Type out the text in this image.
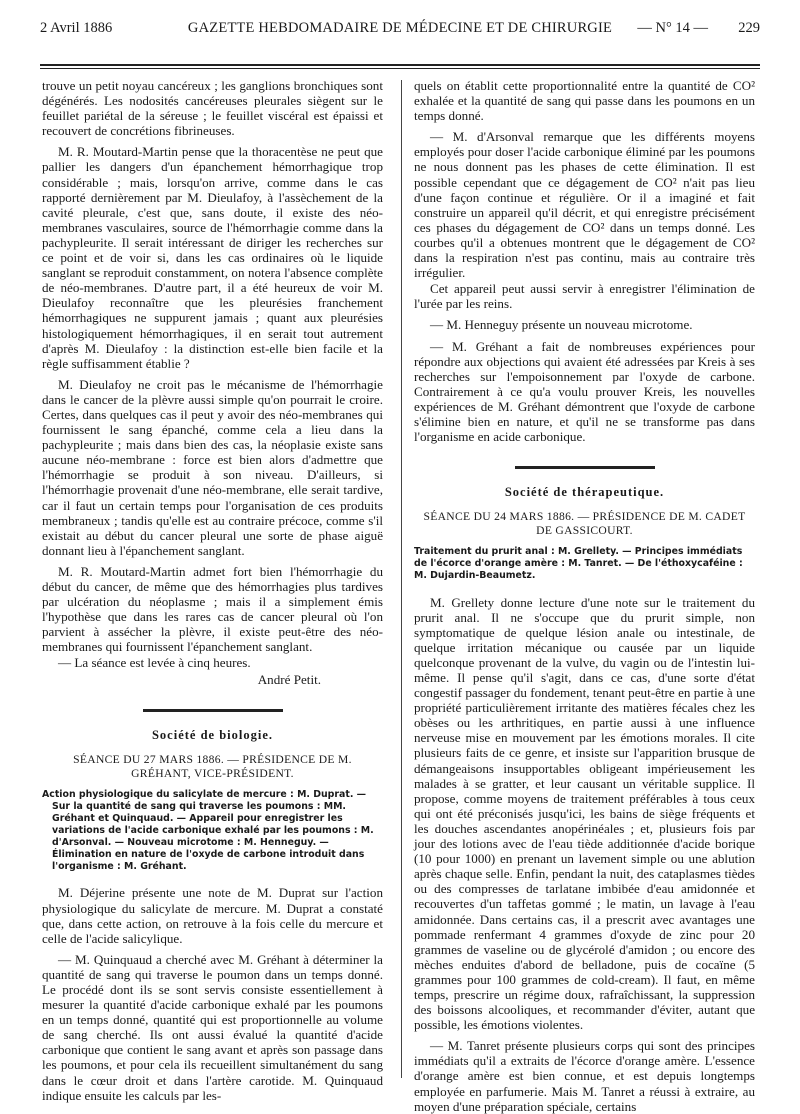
2 Avril 1886	GAZETTE HEBDOMADAIRE DE MÉDECINE ET DE CHIRURGIE	— N° 14 — 229

trouve un petit noyau cancéreux ; les ganglions bronchiques sont dégénérés. Les nodosités cancéreuses pleurales siègent sur le feuillet pariétal de la séreuse ; le feuillet viscéral est épaissi et recouvert de concrétions fibrineuses.

M. R. Moutard-Martin pense que la thoracentèse ne peut que pallier les dangers d'un épanchement hémorrhagique trop considérable ; mais, lorsqu'on arrive, comme dans le cas rapporté dernièrement par M. Dieulafoy, à l'assèchement de la cavité pleurale, c'est que, sans doute, il existe des néo-membranes vasculaires, source de l'hémorrhagie comme dans la pachypleurite. Il serait intéressant de diriger les recherches sur ce point et de voir si, dans les cas ordinaires où le liquide sanglant se reproduit constamment, on notera l'absence complète de néo-membranes. D'autre part, il a été heureux de voir M. Dieulafoy reconnaître que les pleurésies franchement hémorrhagiques ne suppurent jamais ; quant aux pleurésies histologiquement hémorrhagiques, il en serait tout autrement d'après M. Dieulafoy : la distinction est-elle bien facile et la règle suffisamment établie ?

M. Dieulafoy ne croit pas le mécanisme de l'hémorrhagie dans le cancer de la plèvre aussi simple qu'on pourrait le croire. Certes, dans quelques cas il peut y avoir des néo-membranes qui fournissent le sang épanché, comme cela a lieu dans la pachypleurite ; mais dans bien des cas, la néoplasie existe sans aucune néo-membrane : force est bien alors d'admettre que l'hémorrhagie se produit à son niveau. D'ailleurs, si l'hémorrhagie provenait d'une néo-membrane, elle serait tardive, car il faut un certain temps pour l'organisation de ces produits membraneux ; tandis qu'elle est au contraire précoce, comme s'il existait au début du cancer pleural une sorte de phase aiguë donnant lieu à l'épanchement sanglant.

M. R. Moutard-Martin admet fort bien l'hémorrhagie du début du cancer, de même que des hémorrhagies plus tardives par ulcération du néoplasme ; mais il a simplement émis l'hypothèse que dans les rares cas de cancer pleural où l'on parvient à assécher la plèvre, il existe peut-être des néo-membranes qui fournissent l'épanchement sanglant.

— La séance est levée à cinq heures.

André Petit.

Société de biologie.
SÉANCE DU 27 MARS 1886. — PRÉSIDENCE DE M. GRÉHANT, VICE-PRÉSIDENT.
Action physiologique du salicylate de mercure : M. Duprat. — Sur la quantité de sang qui traverse les poumons : MM. Gréhant et Quinquaud. — Appareil pour enregistrer les variations de l'acide carbonique exhalé par les poumons : M. d'Arsonval. — Nouveau microtome : M. Henneguy. — Élimination en nature de l'oxyde de carbone introduit dans l'organisme : M. Gréhant.

M. Déjerine présente une note de M. Duprat sur l'action physiologique du salicylate de mercure. M. Duprat a constaté que, dans cette action, on retrouve à la fois celle du mercure et celle de l'acide salicylique.

— M. Quinquaud a cherché avec M. Gréhant à déterminer la quantité de sang qui traverse le poumon dans un temps donné. Le procédé dont ils se sont servis consiste essentiellement à mesurer la quantité d'acide carbonique exhalé par les poumons en un temps donné, quantité qui est proportionnelle au volume de sang cherché. Ils ont aussi évalué la quantité d'acide carbonique que contient le sang avant et après son passage dans les poumons, et pour cela ils recueillent simultanément du sang dans le cœur droit et dans l'artère carotide. M. Quinquaud indique ensuite les calculs par les-

quels on établit cette proportionnalité entre la quantité de CO² exhalée et la quantité de sang qui passe dans les poumons en un temps donné.

— M. d'Arsonval remarque que les différents moyens employés pour doser l'acide carbonique éliminé par les poumons ne nous donnent pas les phases de cette élimination. Il est possible cependant que ce dégagement de CO² n'ait pas lieu d'une façon continue et régulière. Or il a imaginé et fait construire un appareil qu'il décrit, et qui enregistre précisément ces phases du dégagement de CO² dans un temps donné. Les courbes qu'il a obtenues montrent que le dégagement de CO² dans la respiration n'est pas continu, mais au contraire très irrégulier.

Cet appareil peut aussi servir à enregistrer l'élimination de l'urée par les reins.

— M. Henneguy présente un nouveau microtome.

— M. Gréhant a fait de nombreuses expériences pour répondre aux objections qui avaient été adressées par Kreis à ses recherches sur l'empoisonnement par l'oxyde de carbone. Contrairement à ce qu'a voulu prouver Kreis, les nouvelles expériences de M. Gréhant démontrent que l'oxyde de carbone s'élimine bien en nature, et qu'il ne se transforme pas dans l'organisme en acide carbonique.

Société de thérapeutique.
SÉANCE DU 24 MARS 1886. — PRÉSIDENCE DE M. CADET DE GASSICOURT.
Traitement du prurit anal : M. Grellety. — Principes immédiats de l'écorce d'orange amère : M. Tanret. — De l'éthoxycaféine : M. Dujardin-Beaumetz.

M. Grellety donne lecture d'une note sur le traitement du prurit anal. Il ne s'occupe que du prurit simple, non symptomatique de quelque lésion anale ou intestinale, de quelque irritation mécanique ou causée par un liquide quelconque provenant de la vulve, du vagin ou de l'intestin lui-même. Il pense qu'il s'agit, dans ce cas, d'une sorte d'état congestif passager du fondement, tenant peut-être en partie à une propriété particulièrement irritante des matières fécales chez les obèses ou les arthritiques, en partie aussi à une influence nerveuse mise en mouvement par les émotions morales. Il cite plusieurs faits de ce genre, et insiste sur l'apparition brusque de démangeaisons insupportables obligeant impérieusement les malades à se gratter, et leur causant un véritable supplice. Il propose, comme moyens de traitement préférables à tous ceux qui ont été préconisés jusqu'ici, les bains de siège fréquents et les douches ascendantes anopérinéales ; et, plusieurs fois par jour des lotions avec de l'eau tiède additionnée d'acide borique (10 pour 1000) en prenant un lavement simple ou une ablution après chaque selle. Enfin, pendant la nuit, des cataplasmes tièdes ou des compresses de tarlatane imbibée d'eau amidonnée et recouvertes d'un taffetas gommé ; le matin, un lavage à l'eau amidonnée. Dans certains cas, il a prescrit avec avantages une pommade renfermant 4 grammes d'oxyde de zinc pour 20 grammes de vaseline ou de glycérolé d'amidon ; ou encore des mèches enduites d'abord de belladone, puis de cocaïne (5 grammes pour 100 grammes de cold-cream). Il faut, en même temps, prescrire un régime doux, rafraîchissant, la suppression des boissons alcooliques, et recommander d'éviter, autant que possible, les émotions violentes.

— M. Tanret présente plusieurs corps qui sont des principes immédiats qu'il a extraits de l'écorce d'orange amère. L'essence d'orange amère est bien connue, et est depuis longtemps employée en parfumerie. Mais M. Tanret a réussi à extraire, au moyen d'une préparation spéciale, certains
